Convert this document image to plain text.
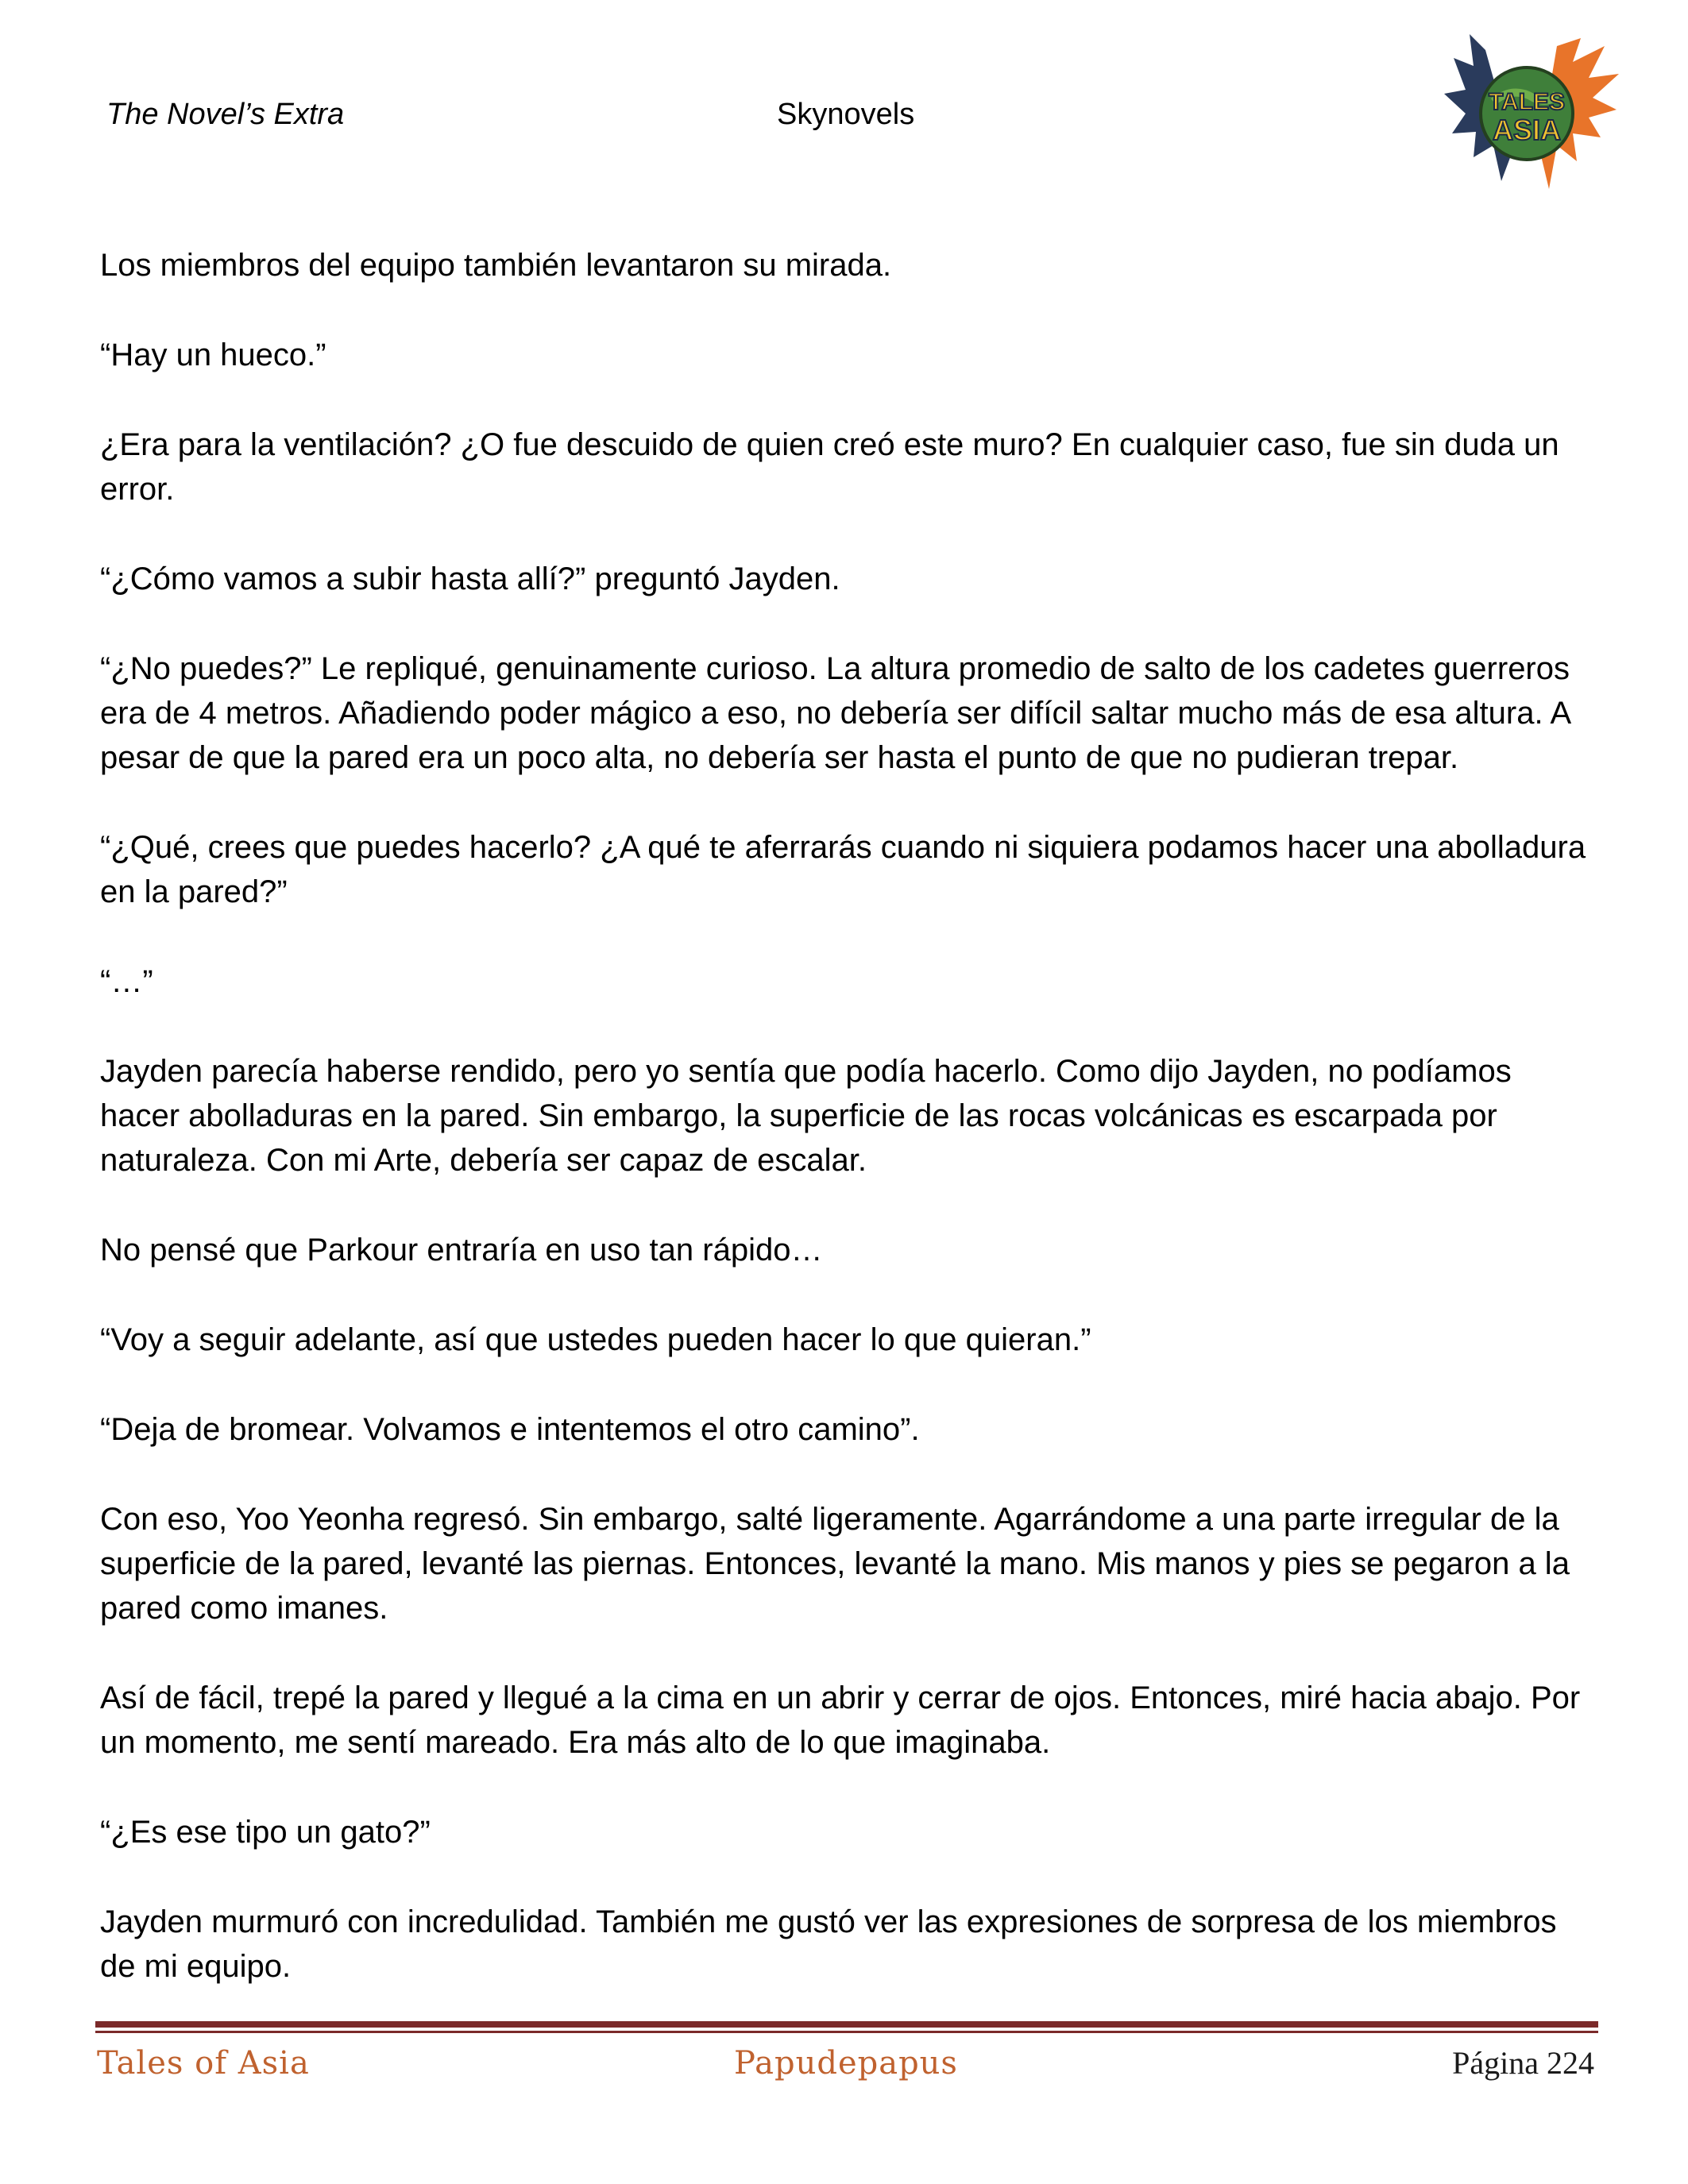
The Novel’s Extra	Skynovels	TALES
ASIA

Los miembros del equipo también levantaron su mirada.

“Hay un hueco.”

¿Era para la ventilación? ¿O fue descuido de quien creó este muro? En cualquier caso, fue sin duda un error.

“¿Cómo vamos a subir hasta allí?” preguntó Jayden.

“¿No puedes?” Le repliqué, genuinamente curioso. La altura promedio de salto de los cadetes guerreros era de 4 metros. Añadiendo poder mágico a eso, no debería ser difícil saltar mucho más de esa altura. A pesar de que la pared era un poco alta, no debería ser hasta el punto de que no pudieran trepar.

“¿Qué, crees que puedes hacerlo? ¿A qué te aferrarás cuando ni siquiera podamos hacer una abolladura en la pared?”

“…”

Jayden parecía haberse rendido, pero yo sentía que podía hacerlo. Como dijo Jayden, no podíamos hacer abolladuras en la pared. Sin embargo, la superficie de las rocas volcánicas es escarpada por naturaleza. Con mi Arte, debería ser capaz de escalar.

No pensé que Parkour entraría en uso tan rápido…

“Voy a seguir adelante, así que ustedes pueden hacer lo que quieran.”

“Deja de bromear. Volvamos e intentemos el otro camino”.

Con eso, Yoo Yeonha regresó. Sin embargo, salté ligeramente. Agarrándome a una parte irregular de la superficie de la pared, levanté las piernas. Entonces, levanté la mano. Mis manos y pies se pegaron a la pared como imanes.

Así de fácil, trepé la pared y llegué a la cima en un abrir y cerrar de ojos. Entonces, miré hacia abajo. Por un momento, me sentí mareado. Era más alto de lo que imaginaba.

“¿Es ese tipo un gato?”

Jayden murmuró con incredulidad. También me gustó ver las expresiones de sorpresa de los miembros de mi equipo.

Tales of Asia	Papudepapus	Página 224
